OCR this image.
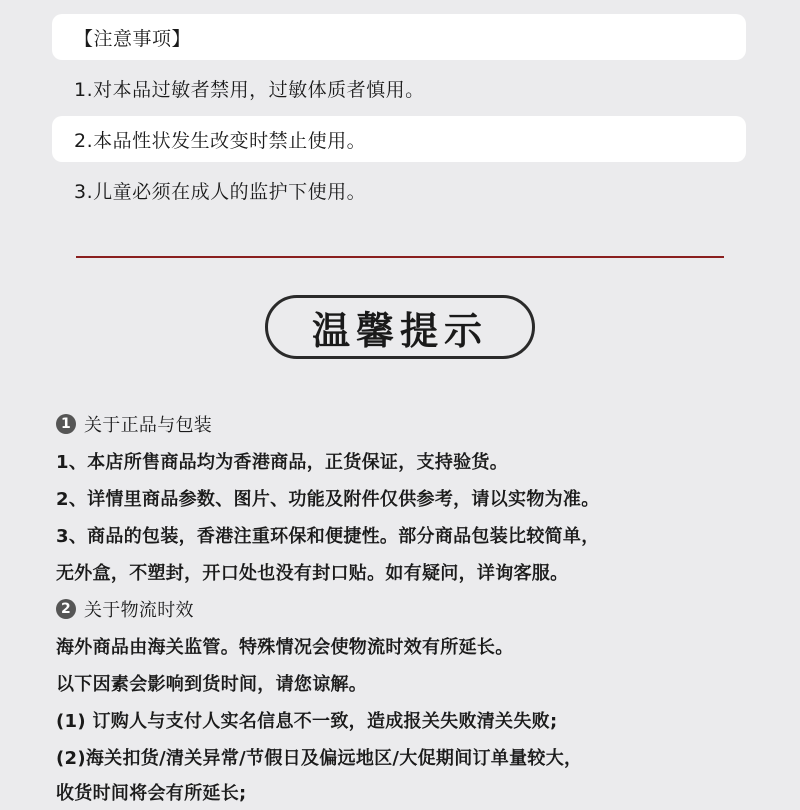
【注意事项】
1.对本品过敏者禁用，过敏体质者慎用。
2.本品性状发生改变时禁止使用。
3.儿童必须在成人的监护下使用。
温馨提示
1 关于正品与包装
1、本店所售商品均为香港商品，正货保证，支持验货。
2、详情里商品参数、图片、功能及附件仅供参考，请以实物为准。
3、商品的包装，香港注重环保和便捷性。部分商品包装比较简单，
无外盒，不塑封，开口处也没有封口贴。如有疑问，详询客服。
2 关于物流时效
海外商品由海关监管。特殊情况会使物流时效有所延长。
以下因素会影响到货时间，请您谅解。
(1) 订购人与支付人实名信息不一致，造成报关失败清关失败;
(2)海关扣货/清关异常/节假日及偏远地区/大促期间订单量较大，
收货时间将会有所延长;
